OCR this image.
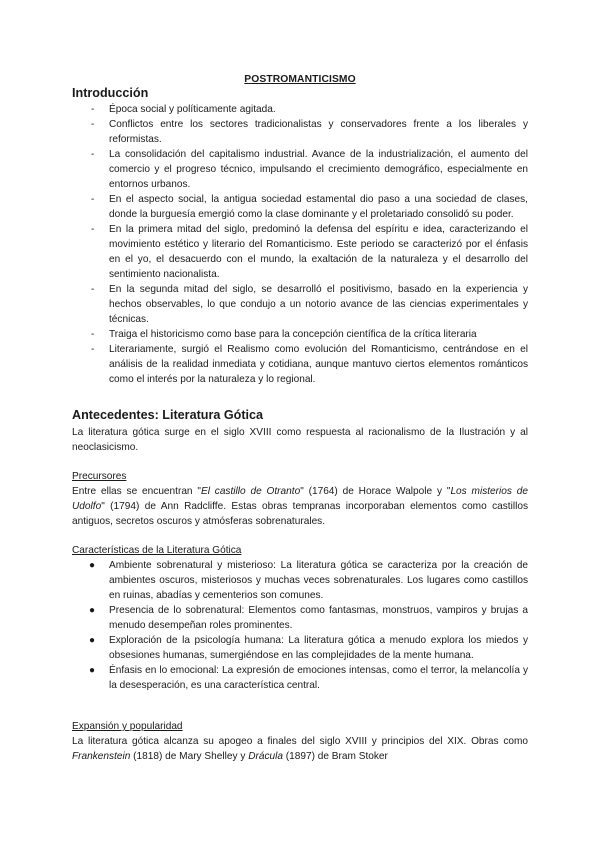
POSTROMANTICISMO
Introducción
- Época social y políticamente agitada.
- Conflictos entre los sectores tradicionalistas y conservadores frente a los liberales y reformistas.
- La consolidación del capitalismo industrial. Avance de la industrialización, el aumento del comercio y el progreso técnico, impulsando el crecimiento demográfico, especialmente en entornos urbanos.
- En el aspecto social, la antigua sociedad estamental dio paso a una sociedad de clases, donde la burguesía emergió como la clase dominante y el proletariado consolidó su poder.
- En la primera mitad del siglo, predominó la defensa del espíritu e idea, caracterizando el movimiento estético y literario del Romanticismo. Este periodo se caracterizó por el énfasis en el yo, el desacuerdo con el mundo, la exaltación de la naturaleza y el desarrollo del sentimiento nacionalista.
- En la segunda mitad del siglo, se desarrolló el positivismo, basado en la experiencia y hechos observables, lo que condujo a un notorio avance de las ciencias experimentales y técnicas.
- Traiga el historicismo como base para la concepción científica de la crítica literaria
- Literariamente, surgió el Realismo como evolución del Romanticismo, centrándose en el análisis de la realidad inmediata y cotidiana, aunque mantuvo ciertos elementos románticos como el interés por la naturaleza y lo regional.
Antecedentes: Literatura Gótica
La literatura gótica surge en el siglo XVIII como respuesta al racionalismo de la Ilustración y al neoclasicismo.
Precursores
Entre ellas se encuentran "El castillo de Otranto" (1764) de Horace Walpole y "Los misterios de Udolfo" (1794) de Ann Radcliffe. Estas obras tempranas incorporaban elementos como castillos antiguos, secretos oscuros y atmósferas sobrenaturales.
Características de la Literatura Gótica
● Ambiente sobrenatural y misterioso: La literatura gótica se caracteriza por la creación de ambientes oscuros, misteriosos y muchas veces sobrenaturales. Los lugares como castillos en ruinas, abadías y cementerios son comunes.
● Presencia de lo sobrenatural: Elementos como fantasmas, monstruos, vampiros y brujas a menudo desempeñan roles prominentes.
● Exploración de la psicología humana: La literatura gótica a menudo explora los miedos y obsesiones humanas, sumergiéndose en las complejidades de la mente humana.
● Énfasis en lo emocional: La expresión de emociones intensas, como el terror, la melancolía y la desesperación, es una característica central.
Expansión y popularidad
La literatura gótica alcanza su apogeo a finales del siglo XVIII y principios del XIX. Obras como Frankenstein (1818) de Mary Shelley y Drácula (1897) de Bram Stoker
